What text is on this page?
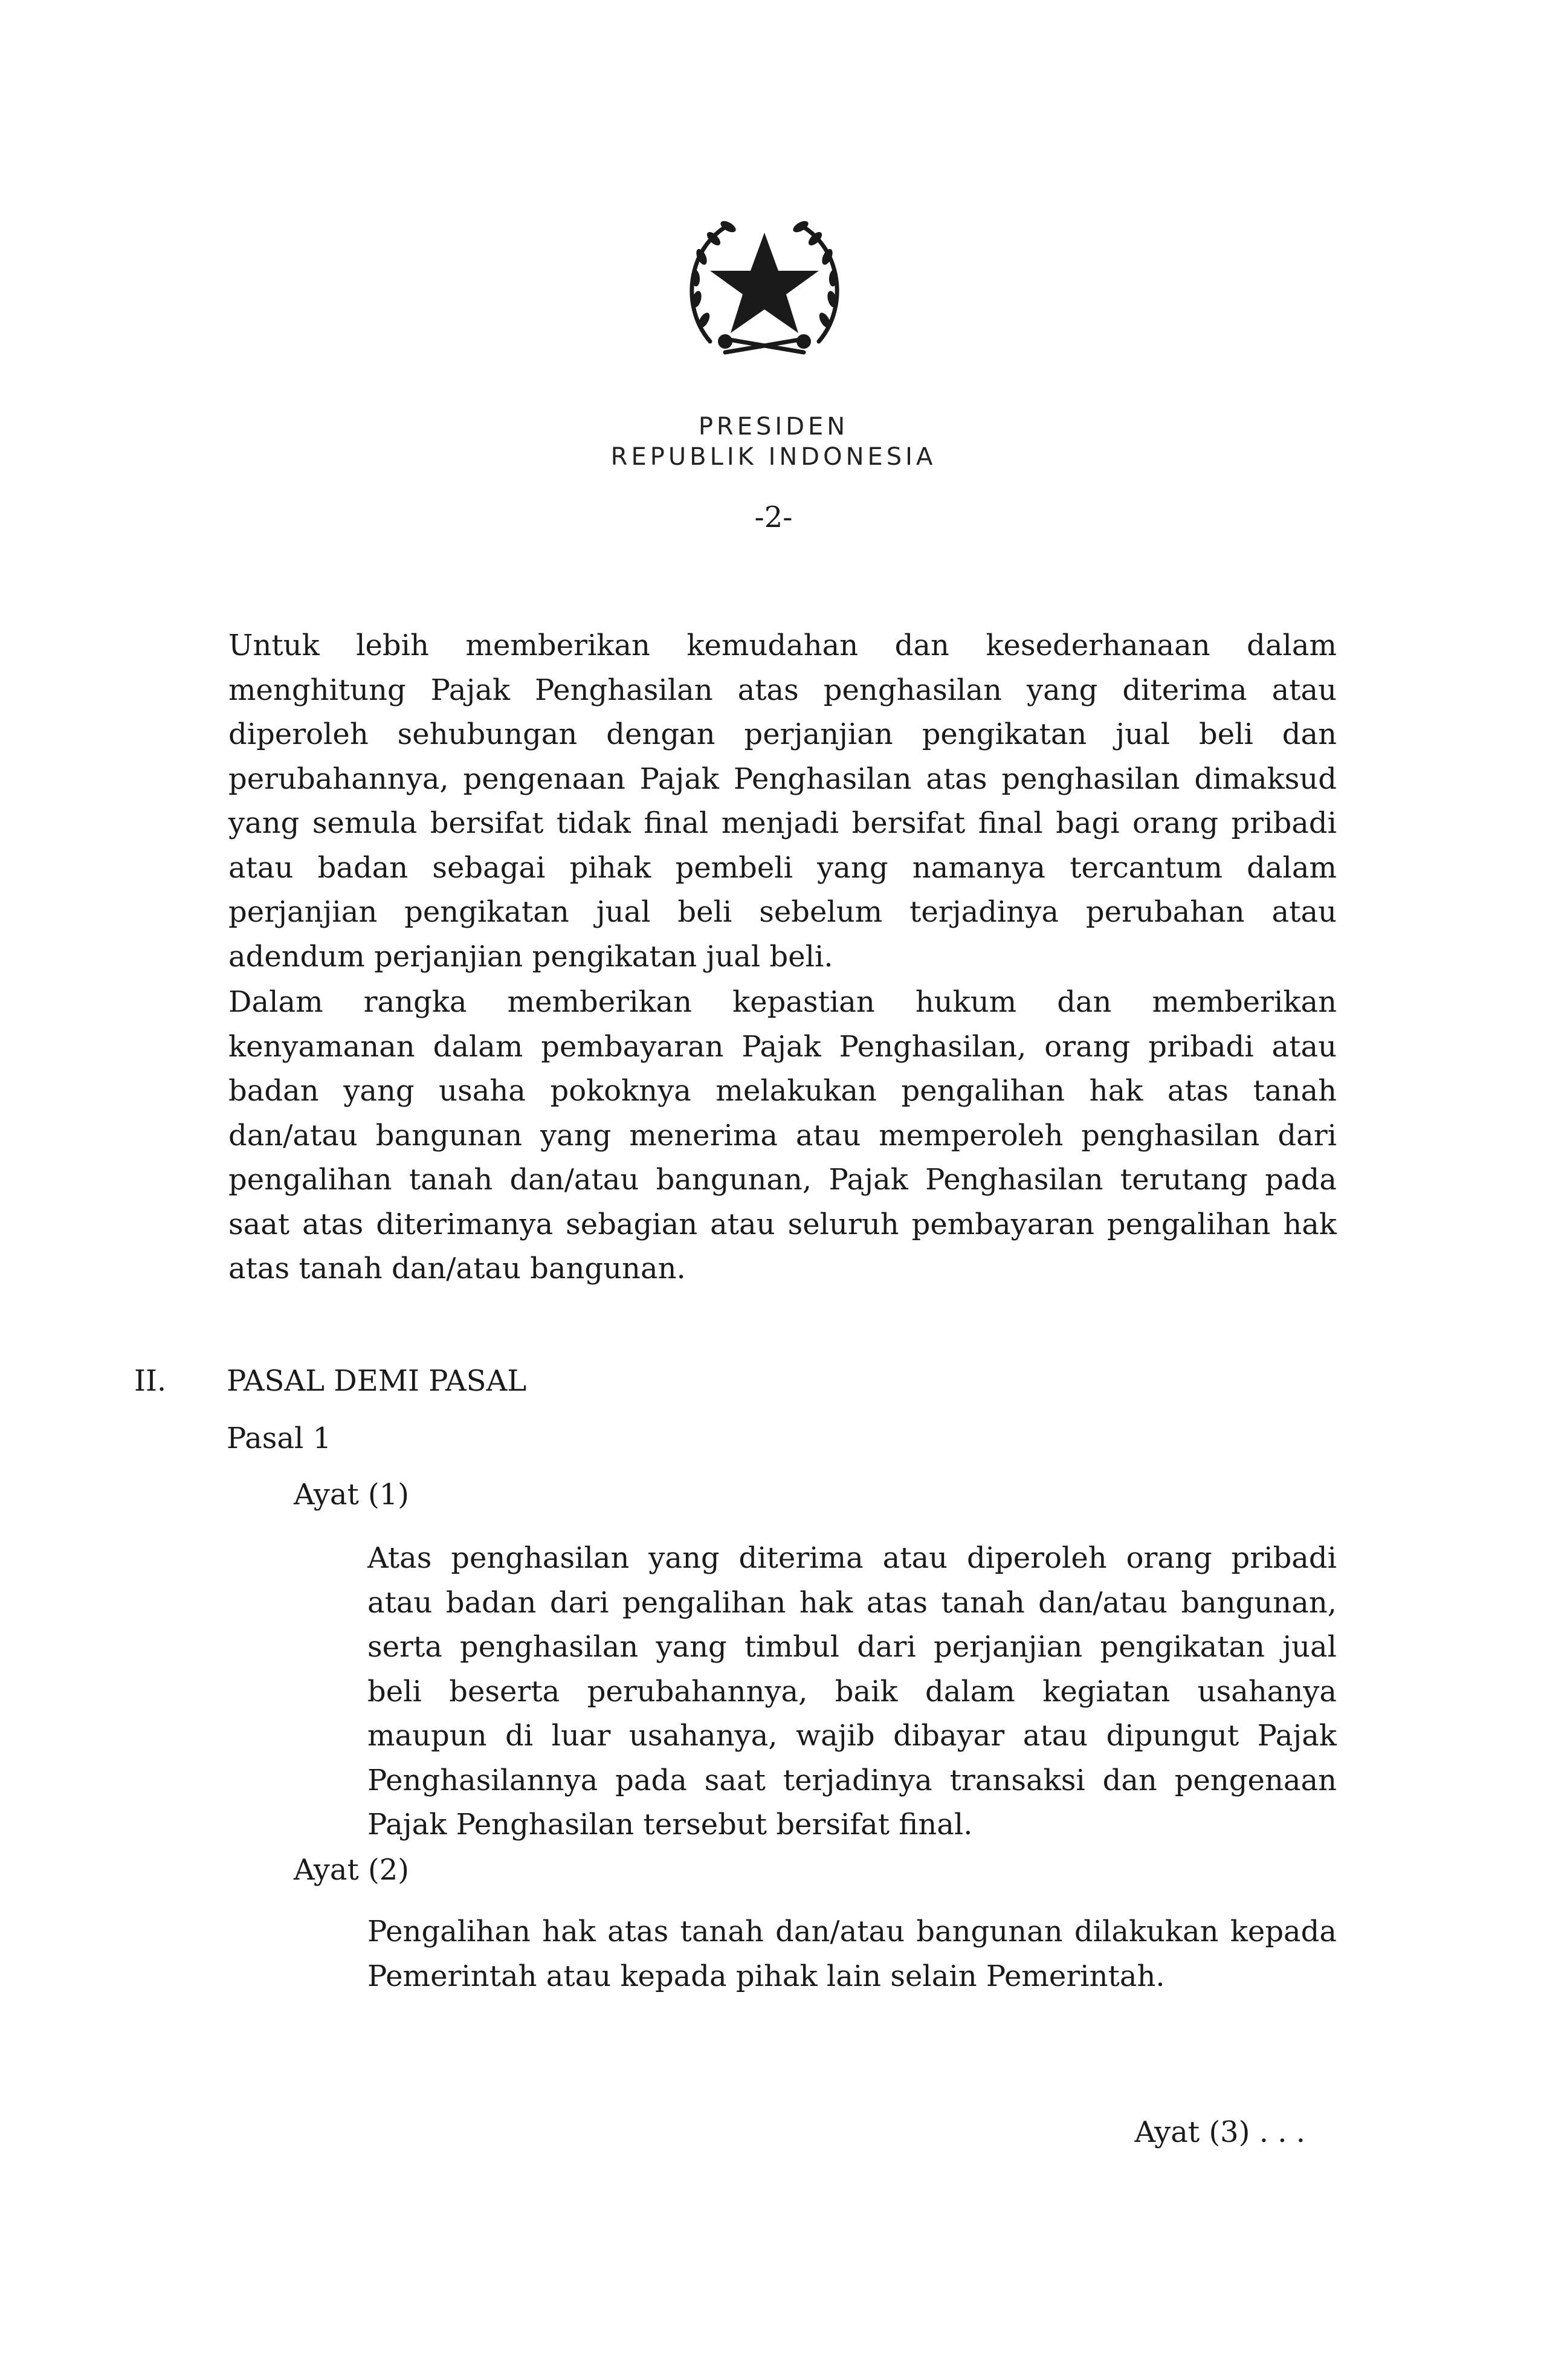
PRESIDEN
REPUBLIK INDONESIA
-2-

Untuk lebih memberikan kemudahan dan kesederhanaan dalam menghitung Pajak Penghasilan atas penghasilan yang diterima atau diperoleh sehubungan dengan perjanjian pengikatan jual beli dan perubahannya, pengenaan Pajak Penghasilan atas penghasilan dimaksud yang semula bersifat tidak final menjadi bersifat final bagi orang pribadi atau badan sebagai pihak pembeli yang namanya tercantum dalam perjanjian pengikatan jual beli sebelum terjadinya perubahan atau adendum perjanjian pengikatan jual beli.

Dalam rangka memberikan kepastian hukum dan memberikan kenyamanan dalam pembayaran Pajak Penghasilan, orang pribadi atau badan yang usaha pokoknya melakukan pengalihan hak atas tanah dan/atau bangunan yang menerima atau memperoleh penghasilan dari pengalihan tanah dan/atau bangunan, Pajak Penghasilan terutang pada saat atas diterimanya sebagian atau seluruh pembayaran pengalihan hak atas tanah dan/atau bangunan.

II. PASAL DEMI PASAL
Pasal 1
Ayat (1)

Atas penghasilan yang diterima atau diperoleh orang pribadi atau badan dari pengalihan hak atas tanah dan/atau bangunan, serta penghasilan yang timbul dari perjanjian pengikatan jual beli beserta perubahannya, baik dalam kegiatan usahanya maupun di luar usahanya, wajib dibayar atau dipungut Pajak Penghasilannya pada saat terjadinya transaksi dan pengenaan Pajak Penghasilan tersebut bersifat final.

Ayat (2)

Pengalihan hak atas tanah dan/atau bangunan dilakukan kepada Pemerintah atau kepada pihak lain selain Pemerintah.

Ayat (3) . . .
